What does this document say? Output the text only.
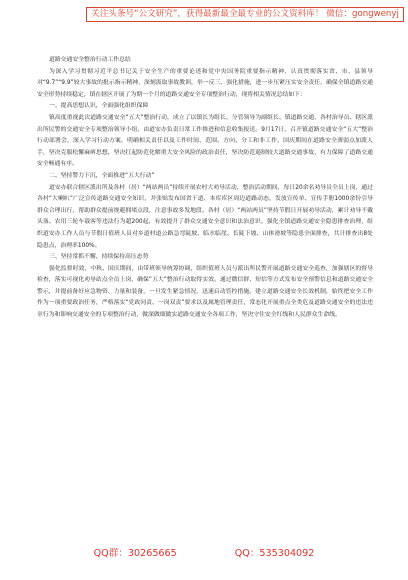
关注头条号“公文研究”，获得最新最全最专业的公文资料库！ 微信：gongwenyj

道路交通安全整治行动工作总结

为深入学习贯彻习近平总书记关于安全生产的重要论述和党中央国务院重要指示精神，认真贯彻落实省、市、县领导对“9.7”“9.9”较大事故的批示指示精神，深刻汲取事故教训，举一反三、强化措施，进一步压紧压实安全责任，确保全镇道路交通安全形势持续稳定，镇在辖区开展了为期一个月的道路交通安全专项整治行动，现将相关情况总结如下：

一、提高思想认识，全面强化组织保障

镇高度重视此次道路交通安全“五大”整治行动，成立了以镇长为组长、分管领导为副组长、镇道路交通、各村治导员、辖区派出所民警的交通安全专项整治领导小组，由道安办负责日常工作推进和信息收集报送。9月17日，召开镇道路交通安全“五大”整治行动部署会，深入学习行动方案，明确相关责任以及工作时间、范围、方向、分工和非工作，国庆期间在道路安全薄弱点加派人手，坚决克服松懈麻痹思想，坚决扛起防范化解重大安全风险的政治责任，坚决防范遏制较大道路交通事故，有力保障了道路交通安全畅通有序。

二、坚持警力下沉，全面推进“五大行动”

道安办联合辖区派出所及各村（居）“两站两员”持续开展农村大劝导活动，整治活动期间，每日20余名劝导员全员上岗，通过各村“大喇叭”广泛宣传道路交通安全知识，并张贴发布国省干道、本库库区周边道路动态，发放宣传单、宣传手册1000余份引导群众合理出行，帮助群众提前规避拥堵点段，注意事故多发地段。各村（居）“两站两员”坚持节假日开展劝导活动，累计劝导不戴头盔、农用三轮车载客等违法行为超200起，有效提升了群众交通安全意识和法治意识。强化全镇道路交通安全隐患排查治理，组织道安办工作人员与节假日值班人员对乡道村道公路急弯陡坡、临水临崖、长陡下坡、山体滑坡等隐患全面排查，共计排查出8处隐患点，治理率100%。

三、坚持常抓不懈，持续保持高压态势

强化监督时效，中秋、国庆期间，由带班领导统筹协调，组织值班人员与派出所民警开展道路交通安全巡查，加强辖区的督导检查，落实可视化劝导站点全员上岗，确保“五大”整治行动取得实效。通过微信群、短信等方式发布安全预警信息和道路交通安全警示，并提前备好应急物资、力量和装备，一旦发生紧急情况，迅速启动管控措施。建立道路交通安全长效机制，始终把安全工作作为一项重要政治任务，严格落实“党政同责、一岗双责”要求以及属地管理责任，常态化开展重点全类危及道路交通安全的违法违章行为和影响交通安全的专项整治行动，做深做细做实道路交通安全各项工作，坚决守住安全红线和人民群众生命线。

QQ群：30265665	QQ：535304092
